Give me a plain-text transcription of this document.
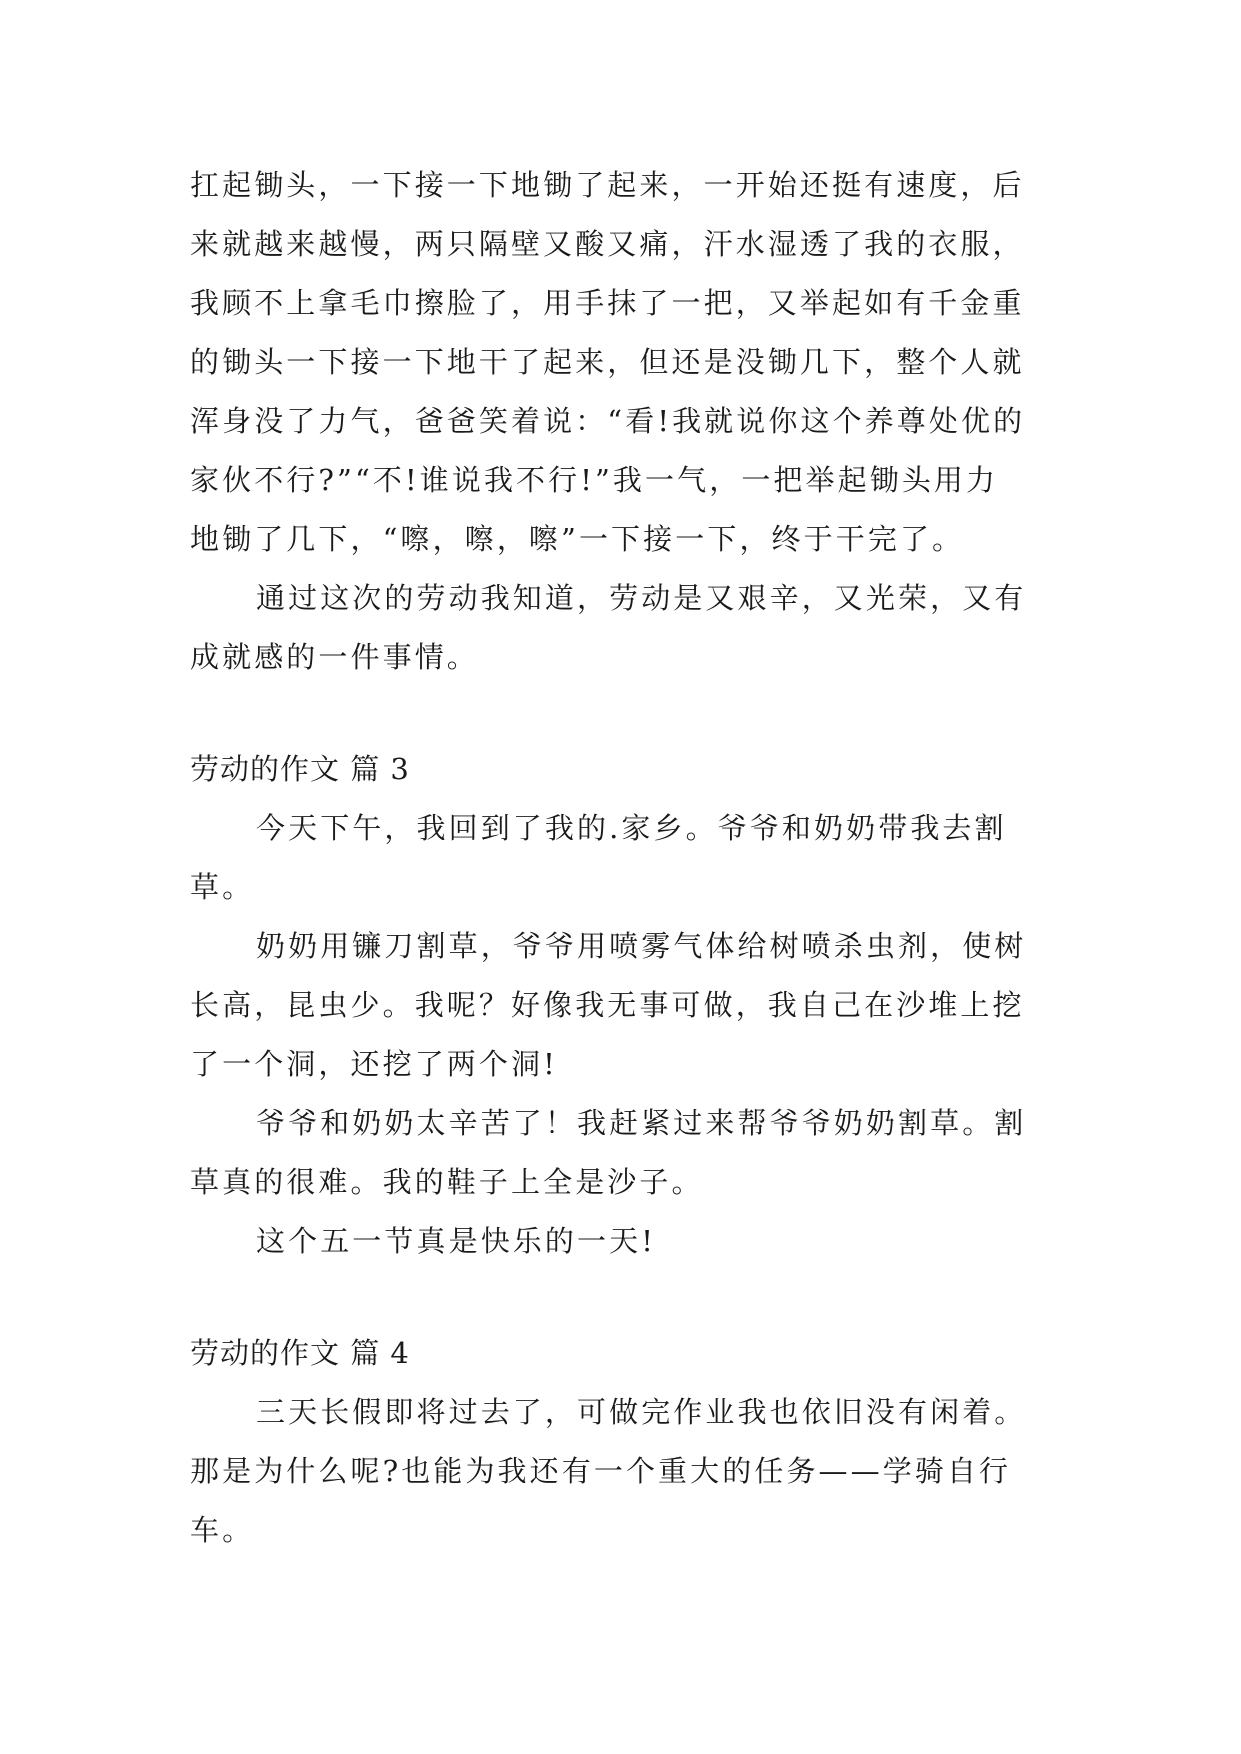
扛起锄头，一下接一下地锄了起来，一开始还挺有速度，后
来就越来越慢，两只隔壁又酸又痛，汗水湿透了我的衣服，
我顾不上拿毛巾擦脸了，用手抹了一把，又举起如有千金重
的锄头一下接一下地干了起来，但还是没锄几下，整个人就
浑身没了力气，爸爸笑着说：“看!我就说你这个养尊处优的
家伙不行?”“不!谁说我不行!”我一气，一把举起锄头用力
地锄了几下，“嚓，嚓，嚓”一下接一下，终于干完了。
通过这次的劳动我知道，劳动是又艰辛，又光荣，又有
成就感的一件事情。
劳动的作文 篇 3
今天下午，我回到了我的.家乡。爷爷和奶奶带我去割
草。
奶奶用镰刀割草，爷爷用喷雾气体给树喷杀虫剂，使树
长高，昆虫少。我呢？好像我无事可做，我自己在沙堆上挖
了一个洞，还挖了两个洞!
爷爷和奶奶太辛苦了！我赶紧过来帮爷爷奶奶割草。割
草真的很难。我的鞋子上全是沙子。
这个五一节真是快乐的一天!
劳动的作文 篇 4
三天长假即将过去了，可做完作业我也依旧没有闲着。
那是为什么呢?也能为我还有一个重大的任务——学骑自行
车。
